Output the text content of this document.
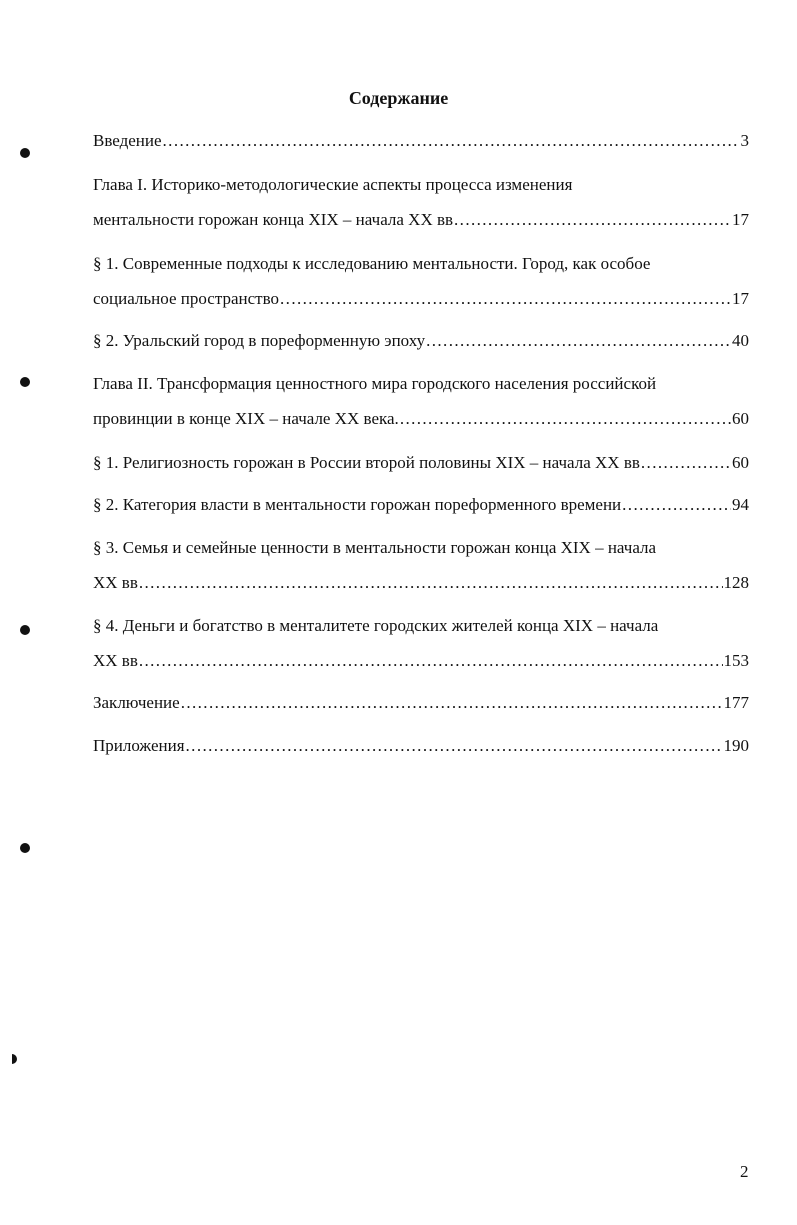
Содержание
Введение .....	3
Глава I. Историко-методологические аспекты процесса изменения
ментальности горожан конца XIX – начала XX вв .....	17
§ 1. Современные подходы к исследованию ментальности. Город, как особое
социальное пространство .....	17
§ 2. Уральский город в пореформенную эпоху .....	40
Глава II. Трансформация ценностного мира городского населения российской
провинции в конце XIX – начале XX века. .....	60
§ 1. Религиозность горожан в России второй половины XIX – начала XX вв .....	60
§ 2. Категория власти в ментальности горожан пореформенного времени .....	94
§ 3. Семья и семейные ценности в ментальности горожан конца XIX – начала
XX вв .....	128
§ 4. Деньги и богатство в менталитете городских жителей конца XIX – начала
XX вв .....	153
Заключение .....	177
Приложения .....	190
2
